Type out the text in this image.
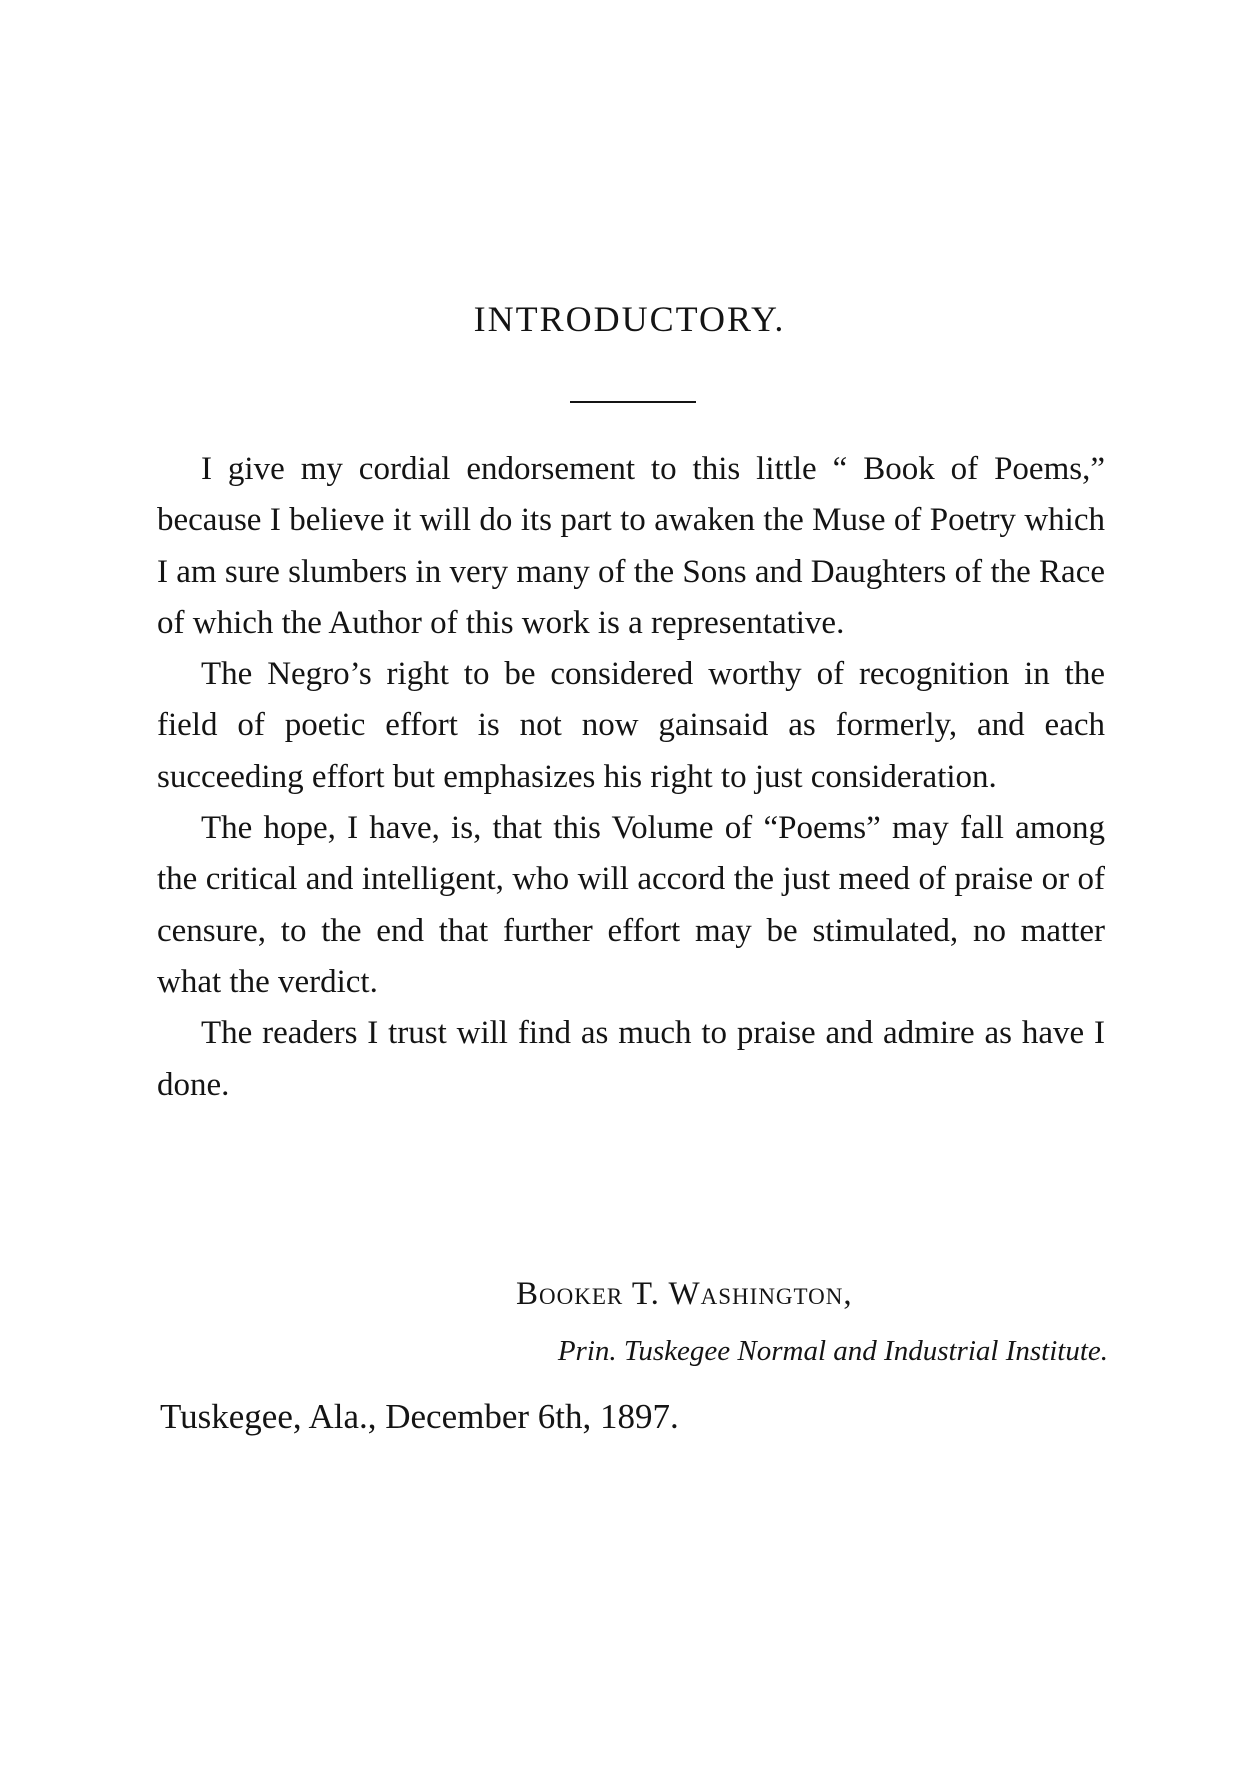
INTRODUCTORY.

I give my cordial endorsement to this little “ Book of Poems,” because I believe it will do its part to awaken the Muse of Poetry which I am sure slumbers in very many of the Sons and Daughters of the Race of which the Author of this work is a representative.

The Negro’s right to be considered worthy of recognition in the field of poetic effort is not now gainsaid as formerly, and each succeeding effort but emphasizes his right to just consideration.

The hope, I have, is, that this Volume of “Poems” may fall among the critical and intelligent, who will accord the just meed of praise or of censure, to the end that further effort may be stimulated, no matter what the verdict.

The readers I trust will find as much to praise and admire as have I done.

Booker T. Washington,
Prin. Tuskegee Normal and Industrial Institute.
Tuskegee, Ala., December 6th, 1897.
